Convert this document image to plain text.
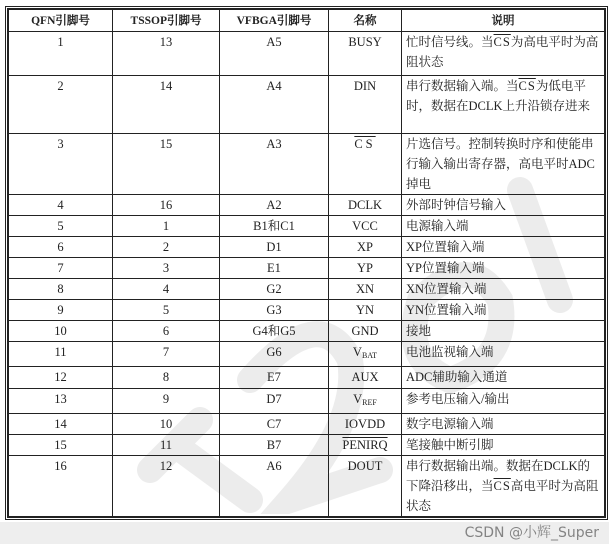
QFN引脚号	TSSOP引脚号	VFBGA引脚号	名称	说明
1	13	A5	BUSY	忙时信号线。当$\overline{CS}$为高电平时为高阻状态
2	14	A4	DIN	串行数据输入端。当$\overline{CS}$为低电平时，数据在DCLK上升沿锁存进来
3	15	A3	$\overline{CS}$	片选信号。控制转换时序和使能串行输入输出寄存器，高电平时ADC掉电
4	16	A2	DCLK	外部时钟信号输入
5	1	B1和C1	VCC	电源输入端
6	2	D1	XP	XP位置输入端
7	3	E1	YP	YP位置输入端
8	4	G2	XN	XN位置输入端
9	5	G3	YN	YN位置输入端
10	6	G4和G5	GND	接地
11	7	G6	$V_{BAT}$	电池监视输入端
12	8	E7	AUX	ADC辅助输入通道
13	9	D7	$V_{REF}$	参考电压输入/输出
14	10	C7	IOVDD	数字电源输入端
15	11	B7	PENIRQ	笔接触中断引脚
16	12	A6	DOUT	串行数据输出端。数据在DCLK的下降沿移出，当$\overline{CS}$高电平时为高阻状态
CSDN @小辉_Super
